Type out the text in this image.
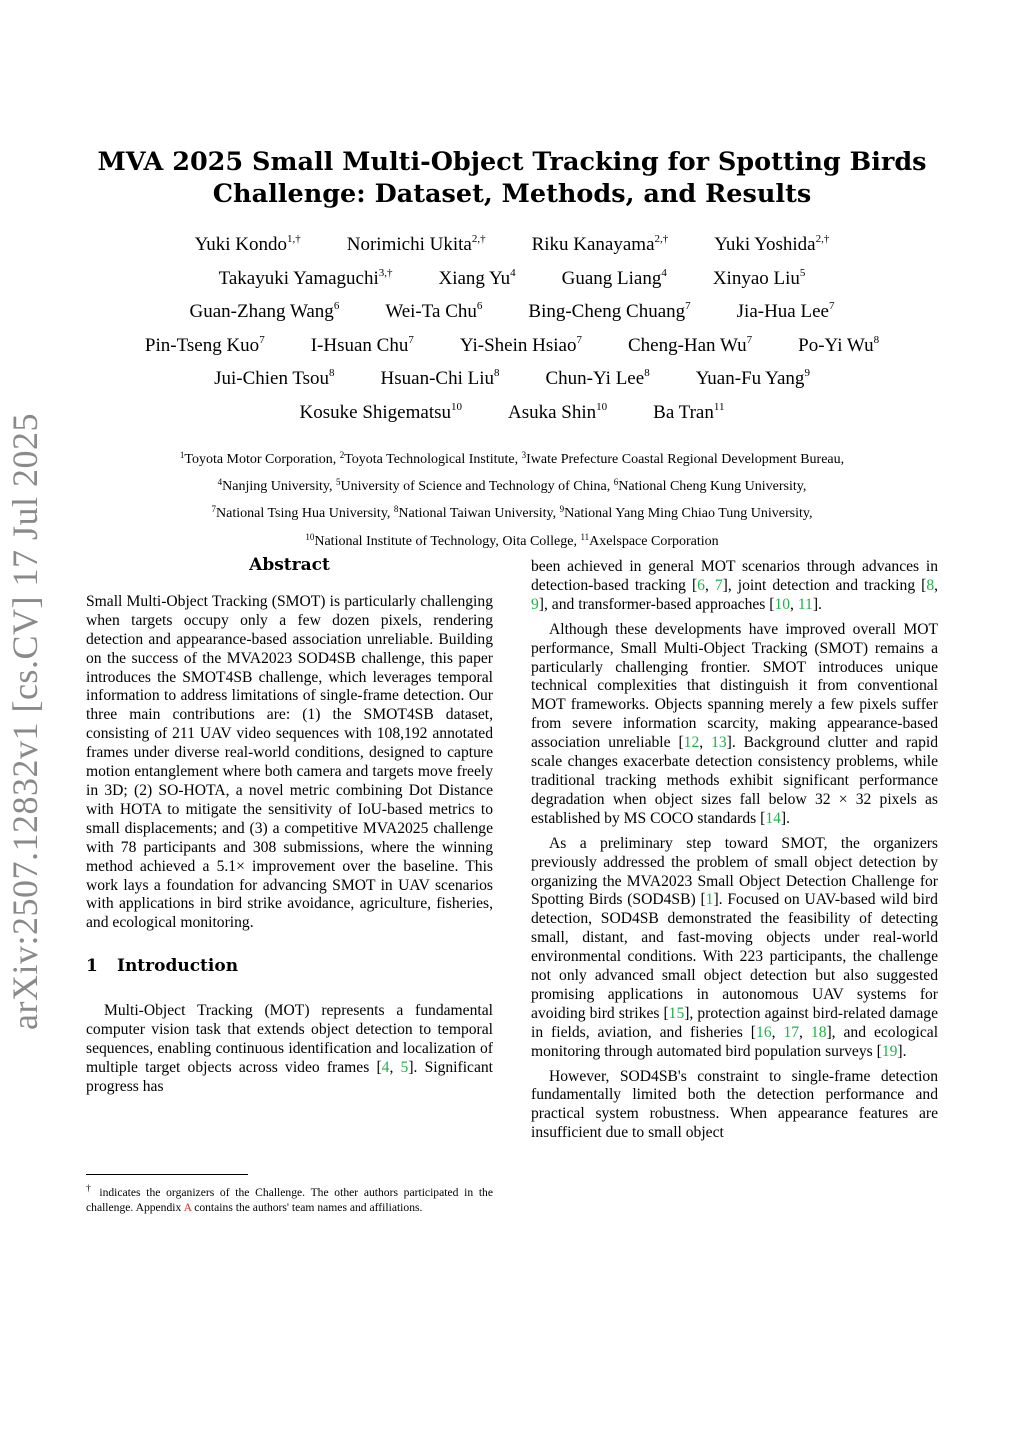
arXiv:2507.12832v1 [cs.CV] 17 Jul 2025
MVA 2025 Small Multi-Object Tracking for Spotting Birds
Challenge: Dataset, Methods, and Results
Yuki Kondo$^{1,\dagger}$ Norimichi Ukita$^{2,\dagger}$ Riku Kanayama$^{2,\dagger}$ Yuki Yoshida$^{2,\dagger}$
Takayuki Yamaguchi$^{3,\dagger}$ Xiang Yu$^4$ Guang Liang$^4$ Xinyao Liu$^5$
Guan-Zhang Wang$^6$ Wei-Ta Chu$^6$ Bing-Cheng Chuang$^7$ Jia-Hua Lee$^7$
Pin-Tseng Kuo$^7$ I-Hsuan Chu$^7$ Yi-Shein Hsiao$^7$ Cheng-Han Wu$^7$ Po-Yi Wu$^8$
Jui-Chien Tsou$^8$ Hsuan-Chi Liu$^8$ Chun-Yi Lee$^8$ Yuan-Fu Yang$^9$
Kosuke Shigematsu$^{10}$ Asuka Shin$^{10}$ Ba Tran$^{11}$
$^1$Toyota Motor Corporation, $^2$Toyota Technological Institute, $^3$Iwate Prefecture Coastal Regional Development Bureau,
$^4$Nanjing University, $^5$University of Science and Technology of China, $^6$National Cheng Kung University,
$^7$National Tsing Hua University, $^8$National Taiwan University, $^9$National Yang Ming Chiao Tung University,
$^{10}$National Institute of Technology, Oita College, $^{11}$Axelspace Corporation
Abstract

Small Multi-Object Tracking (SMOT) is particularly challenging when targets occupy only a few dozen pixels, rendering detection and appearance-based association unreliable. Building on the success of the MVA2023 SOD4SB challenge, this paper introduces the SMOT4SB challenge, which leverages temporal information to address limitations of single-frame detection. Our three main contributions are: (1) the SMOT4SB dataset, consisting of 211 UAV video sequences with 108,192 annotated frames under diverse real-world conditions, designed to capture motion entanglement where both camera and targets move freely in 3D; (2) SO-HOTA, a novel metric combining Dot Distance with HOTA to mitigate the sensitivity of IoU-based metrics to small displacements; and (3) a competitive MVA2025 challenge with 78 participants and 308 submissions, where the winning method achieved a 5.1× improvement over the baseline. This work lays a foundation for advancing SMOT in UAV scenarios with applications in bird strike avoidance, agriculture, fisheries, and ecological monitoring.

1 Introduction

Multi-Object Tracking (MOT) represents a fundamental computer vision task that extends object detection to temporal sequences, enabling continuous identification and localization of multiple target objects across video frames [4, 5]. Significant progress has

been achieved in general MOT scenarios through advances in detection-based tracking [6, 7], joint detection and tracking [8, 9], and transformer-based approaches [10, 11].

Although these developments have improved overall MOT performance, Small Multi-Object Tracking (SMOT) remains a particularly challenging frontier. SMOT introduces unique technical complexities that distinguish it from conventional MOT frameworks. Objects spanning merely a few pixels suffer from severe information scarcity, making appearance-based association unreliable [12, 13]. Background clutter and rapid scale changes exacerbate detection consistency problems, while traditional tracking methods exhibit significant performance degradation when object sizes fall below 32 × 32 pixels as established by MS COCO standards [14].

As a preliminary step toward SMOT, the organizers previously addressed the problem of small object detection by organizing the MVA2023 Small Object Detection Challenge for Spotting Birds (SOD4SB) [1]. Focused on UAV-based wild bird detection, SOD4SB demonstrated the feasibility of detecting small, distant, and fast-moving objects under real-world environmental conditions. With 223 participants, the challenge not only advanced small object detection but also suggested promising applications in autonomous UAV systems for avoiding bird strikes [15], protection against bird-related damage in fields, aviation, and fisheries [16, 17, 18], and ecological monitoring through automated bird population surveys [19].

However, SOD4SB's constraint to single-frame detection fundamentally limited both the detection performance and practical system robustness. When appearance features are insufficient due to small object

† indicates the organizers of the Challenge. The other authors participated in the challenge. Appendix A contains the authors' team names and affiliations.
